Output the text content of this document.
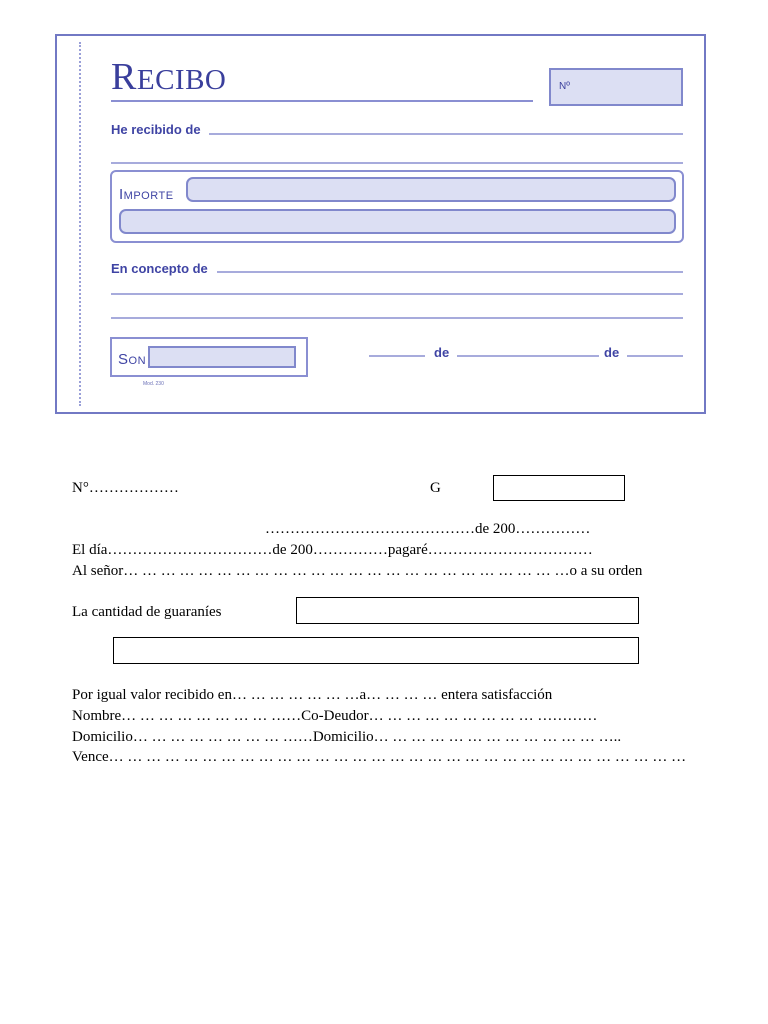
RECIBO	Nº
He recibido de
IMPORTE
En concepto de
SON
Mod. 230
de	de
N°………………	G
……………………………………de 200……………
El día……………………………de 200……………pagaré……………………………
Al señor… … … … … … … … … … … … … … … … … … … … … … … …o a su orden
La cantidad de guaraníes
Por igual valor recibido en… … … … … … …a… … … … entera satisfacción
Nombre… … … … … … … … ……Co-Deudor… … … … … … … … … …………
Domicilio… … … … … … … … ……Domicilio… … … … … … … … … … … … …..
Vence… … … … … … … … … … … … … … … … … … … … … … … … … … … … … … …
